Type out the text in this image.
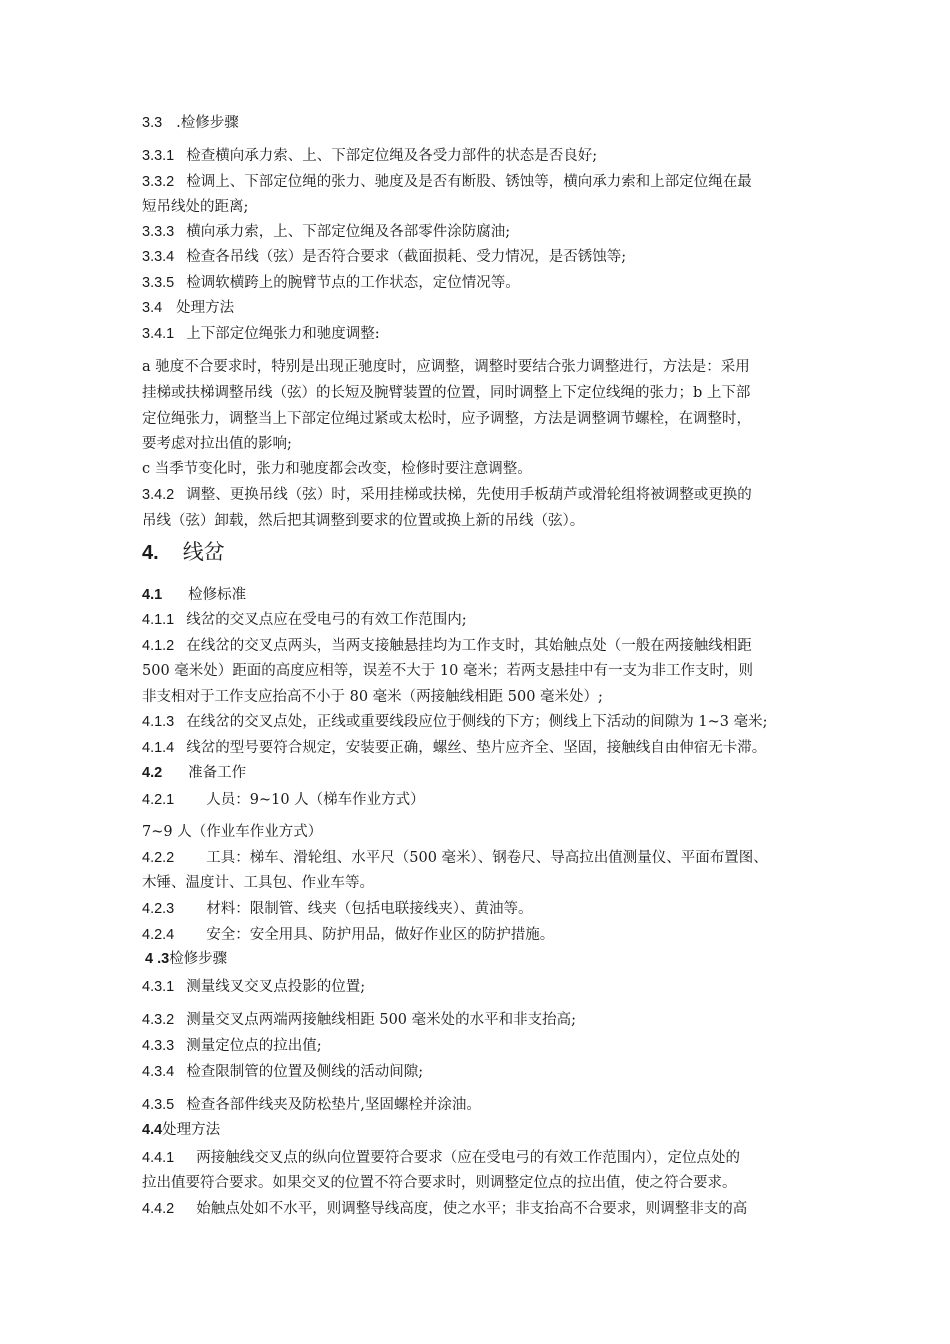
3.3 .检修步骤
3.3.1 检查横向承力索、上、下部定位绳及各受力部件的状态是否良好;
3.3.2 检调上、下部定位绳的张力、驰度及是否有断股、锈蚀等，横向承力索和上部定位绳在最
短吊线处的距离;
3.3.3 横向承力索，上、下部定位绳及各部零件涂防腐油;
3.3.4 检查各吊线（弦）是否符合要求（截面损耗、受力情况，是否锈蚀等;
3.3.5 检调软横跨上的腕臂节点的工作状态，定位情况等。
3.4 处理方法
3.4.1 上下部定位绳张力和驰度调整:
a 驰度不合要求时，特别是出现正驰度时，应调整，调整时要结合张力调整进行，方法是：采用
挂梯或扶梯调整吊线（弦）的长短及腕臂装置的位置，同时调整上下定位线绳的张力；b 上下部
定位绳张力，调整当上下部定位绳过紧或太松时，应予调整，方法是调整调节螺栓，在调整时，
要考虑对拉出值的影响;
c 当季节变化时，张力和驰度都会改变，检修时要注意调整。
3.4.2 调整、更换吊线（弦）时，采用挂梯或扶梯，先使用手板葫芦或滑轮组将被调整或更换的
吊线（弦）卸载，然后把其调整到要求的位置或换上新的吊线（弦）。
4. 线岔
4.1 检修标准
4.1.1 线岔的交叉点应在受电弓的有效工作范围内;
4.1.2 在线岔的交叉点两头，当两支接触悬挂均为工作支时，其始触点处（一般在两接触线相距
500 毫米处）距面的高度应相等，误差不大于 10 毫米；若两支悬挂中有一支为非工作支时，则
非支相对于工作支应抬高不小于 80 毫米（两接触线相距 500 毫米处）;
4.1.3 在线岔的交叉点处，正线或重要线段应位于侧线的下方；侧线上下活动的间隙为 1~3 毫米;
4.1.4 线岔的型号要符合规定，安装要正确，螺丝、垫片应齐全、坚固，接触线自由伸宿无卡滞。
4.2 准备工作
4.2.1 人员：9~10 人（梯车作业方式）
7~9 人（作业车作业方式）
4.2.2 工具：梯车、滑轮组、水平尺（500 毫米）、钢卷尺、导高拉出值测量仪、平面布置图、
木锤、温度计、工具包、作业车等。
4.2.3 材料：限制管、线夹（包括电联接线夹）、黄油等。
4.2.4 安全：安全用具、防护用品，做好作业区的防护措施。
4 .3检修步骤
4.3.1 测量线叉交叉点投影的位置;
4.3.2 测量交叉点两端两接触线相距 500 毫米处的水平和非支抬高;
4.3.3 测量定位点的拉出值;
4.3.4 检查限制管的位置及侧线的活动间隙;
4.3.5 检查各部件线夹及防松垫片,坚固螺栓并涂油。
4.4处理方法
4.4.1 两接触线交叉点的纵向位置要符合要求（应在受电弓的有效工作范围内），定位点处的
拉出值要符合要求。如果交叉的位置不符合要求时，则调整定位点的拉出值，使之符合要求。
4.4.2 始触点处如不水平，则调整导线高度，使之水平；非支抬高不合要求，则调整非支的高
